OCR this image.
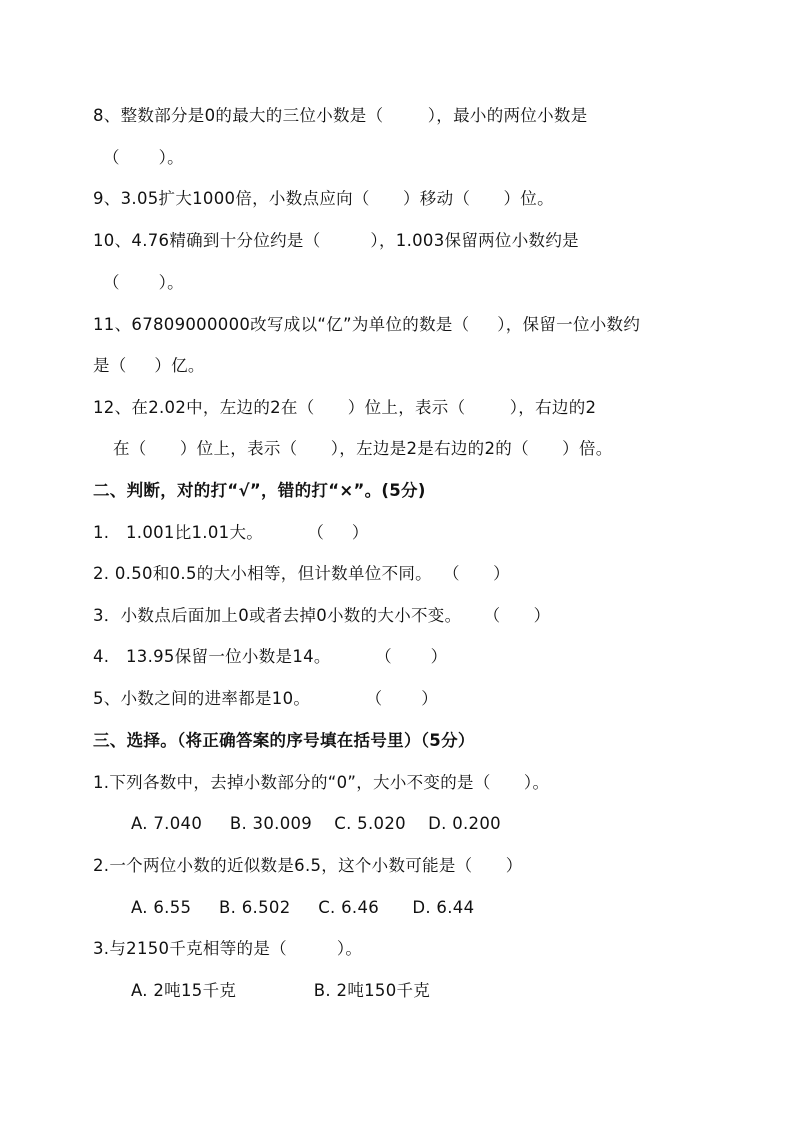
8、整数部分是0的最大的三位小数是（        ），最小的两位小数是
（       ）。
9、3.05扩大1000倍，小数点应向（      ）移动（      ）位。
10、4.76精确到十分位约是（         ），1.003保留两位小数约是
（       ）。
11、67809000000改写成以“亿”为单位的数是（     ），保留一位小数约
是（     ）亿。
12、在2.02中，左边的2在（      ）位上，表示（        ），右边的2
在（      ）位上，表示（      ），左边是2是右边的2的（      ）倍。
二、判断，对的打“√”，错的打“×”。(5分)
1.   1.001比1.01大。        （     ）
2. 0.50和0.5的大小相等，但计数单位不同。  （      ）
3．小数点后面加上0或者去掉0小数的大小不变。    （      ）
4.   13.95保留一位小数是14。        （       ）
5、小数之间的进率都是10。          （       ）
三、选择。（将正确答案的序号填在括号里）（5分）
1.下列各数中，去掉小数部分的“0”，大小不变的是（      ）。
A. 7.040     B. 30.009    C. 5.020    D. 0.200
2.一个两位小数的近似数是6.5，这个小数可能是（      ）
A. 6.55     B. 6.502     C. 6.46      D. 6.44
3.与2150千克相等的是（         ）。
A. 2吨15千克              B. 2吨150千克
